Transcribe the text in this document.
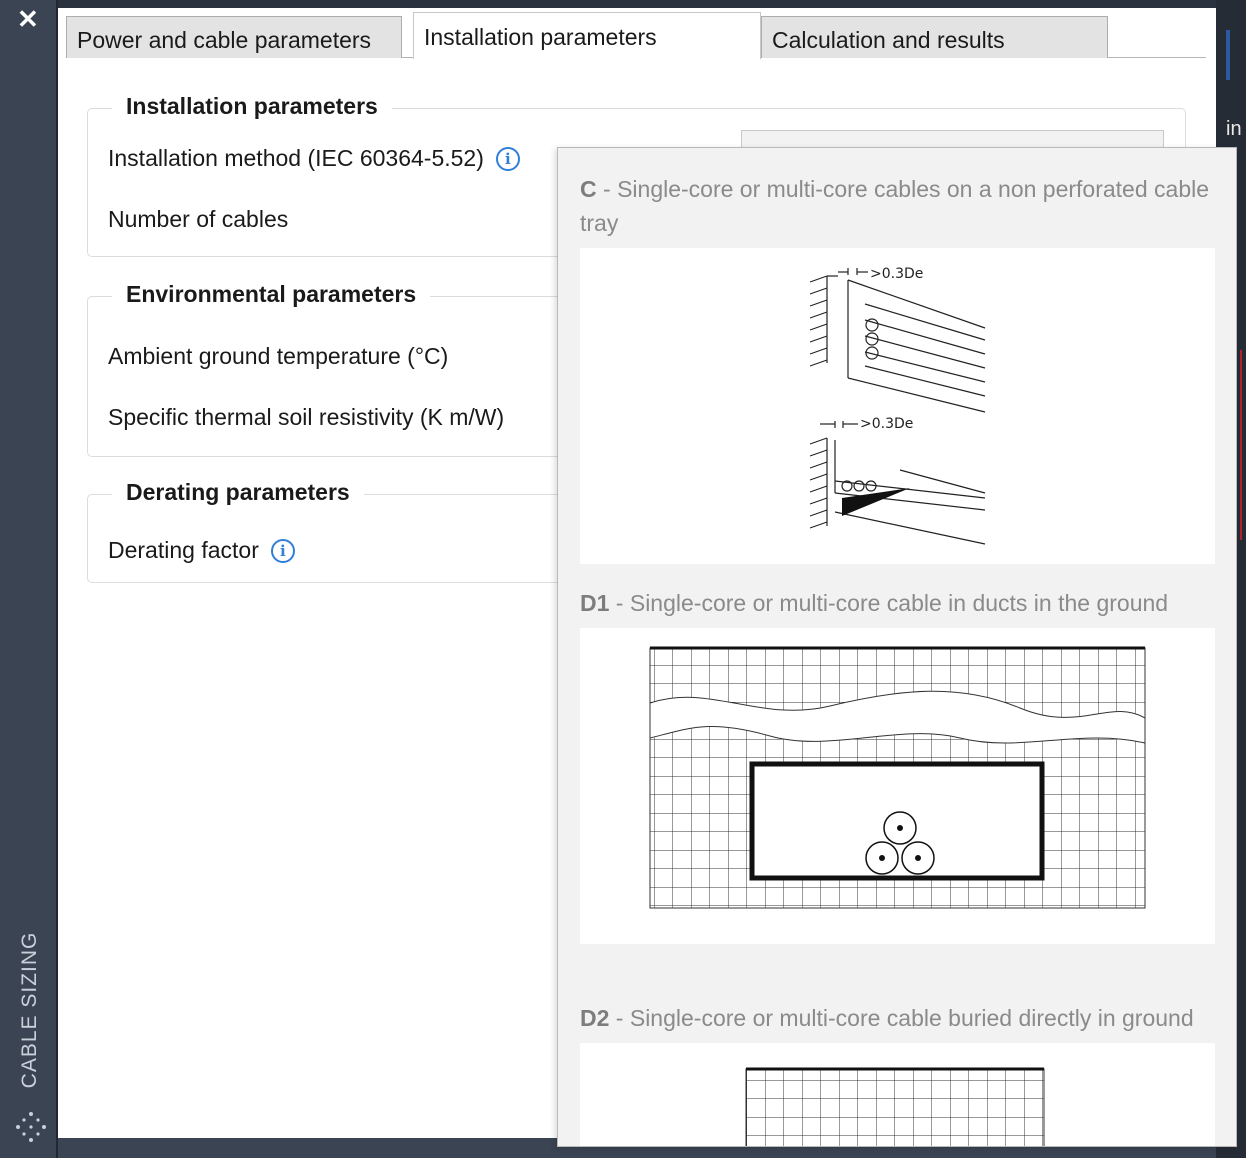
✕
CABLE SIZING
in
Power and cable parameters	Installation parameters	Calculation and results
Installation parameters
Installation method (IEC 60364-5.52) i
Number of cables
Environmental parameters
Ambient ground temperature (°C)
Specific thermal soil resistivity (K m/W)
Derating parameters
Derating factor i
C - Single-core or multi-core cables on a non perforated cable tray
>0.3De
>0.3De
D1 - Single-core or multi-core cable in ducts in the ground
D2 - Single-core or multi-core cable buried directly in ground
